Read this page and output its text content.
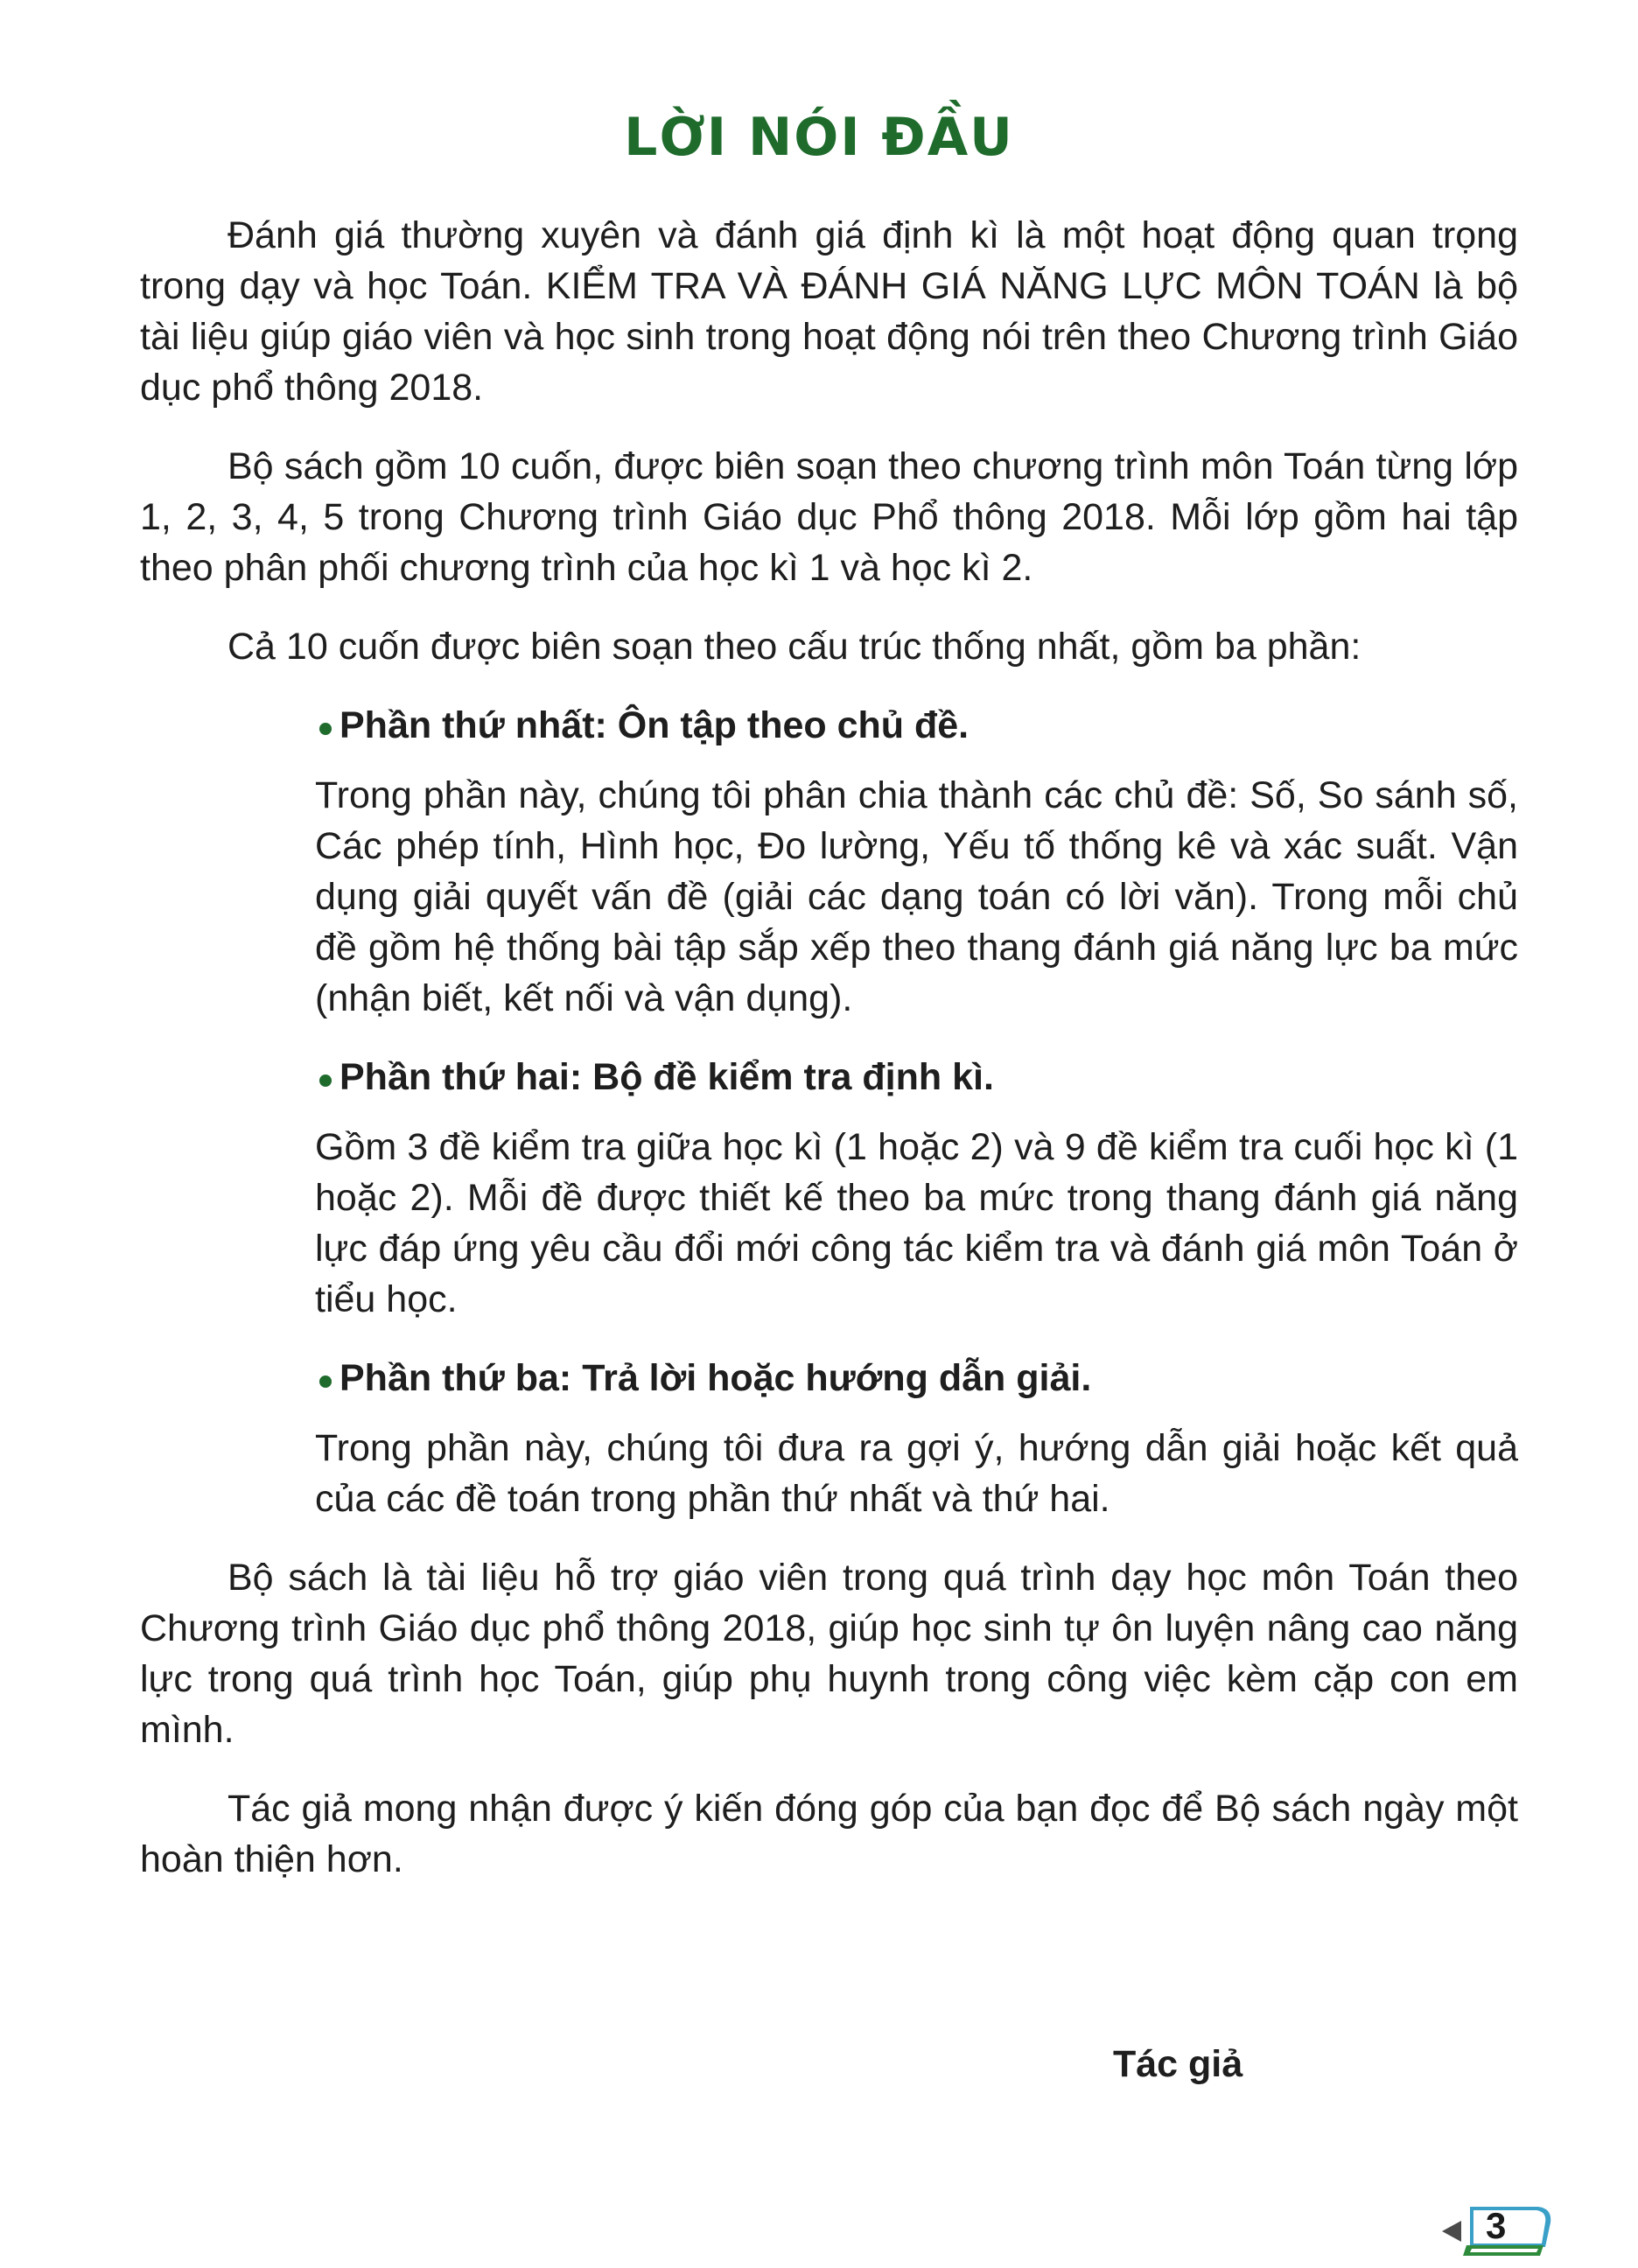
LỜI NÓI ĐẦU

Đánh giá thường xuyên và đánh giá định kì là một hoạt động quan trọng trong dạy và học Toán. KIỂM TRA VÀ ĐÁNH GIÁ NĂNG LỰC MÔN TOÁN là bộ tài liệu giúp giáo viên và học sinh trong hoạt động nói trên theo Chương trình Giáo dục phổ thông 2018.

Bộ sách gồm 10 cuốn, được biên soạn theo chương trình môn Toán từng lớp 1, 2, 3, 4, 5 trong Chương trình Giáo dục Phổ thông 2018. Mỗi lớp gồm hai tập theo phân phối chương trình của học kì 1 và học kì 2.

Cả 10 cuốn được biên soạn theo cấu trúc thống nhất, gồm ba phần:

Phần thứ nhất: Ôn tập theo chủ đề.

Trong phần này, chúng tôi phân chia thành các chủ đề: Số, So sánh số, Các phép tính, Hình học, Đo lường, Yếu tố thống kê và xác suất. Vận dụng giải quyết vấn đề (giải các dạng toán có lời văn). Trong mỗi chủ đề gồm hệ thống bài tập sắp xếp theo thang đánh giá năng lực ba mức (nhận biết, kết nối và vận dụng).

Phần thứ hai: Bộ đề kiểm tra định kì.

Gồm 3 đề kiểm tra giữa học kì (1 hoặc 2) và 9 đề kiểm tra cuối học kì (1 hoặc 2). Mỗi đề được thiết kế theo ba mức trong thang đánh giá năng lực đáp ứng yêu cầu đổi mới công tác kiểm tra và đánh giá môn Toán ở tiểu học.

Phần thứ ba: Trả lời hoặc hướng dẫn giải.

Trong phần này, chúng tôi đưa ra gợi ý, hướng dẫn giải hoặc kết quả của các đề toán trong phần thứ nhất và thứ hai.

Bộ sách là tài liệu hỗ trợ giáo viên trong quá trình dạy học môn Toán theo Chương trình Giáo dục phổ thông 2018, giúp học sinh tự ôn luyện nâng cao năng lực trong quá trình học Toán, giúp phụ huynh trong công việc kèm cặp con em mình.

Tác giả mong nhận được ý kiến đóng góp của bạn đọc để Bộ sách ngày một hoàn thiện hơn.

Tác giả

3
